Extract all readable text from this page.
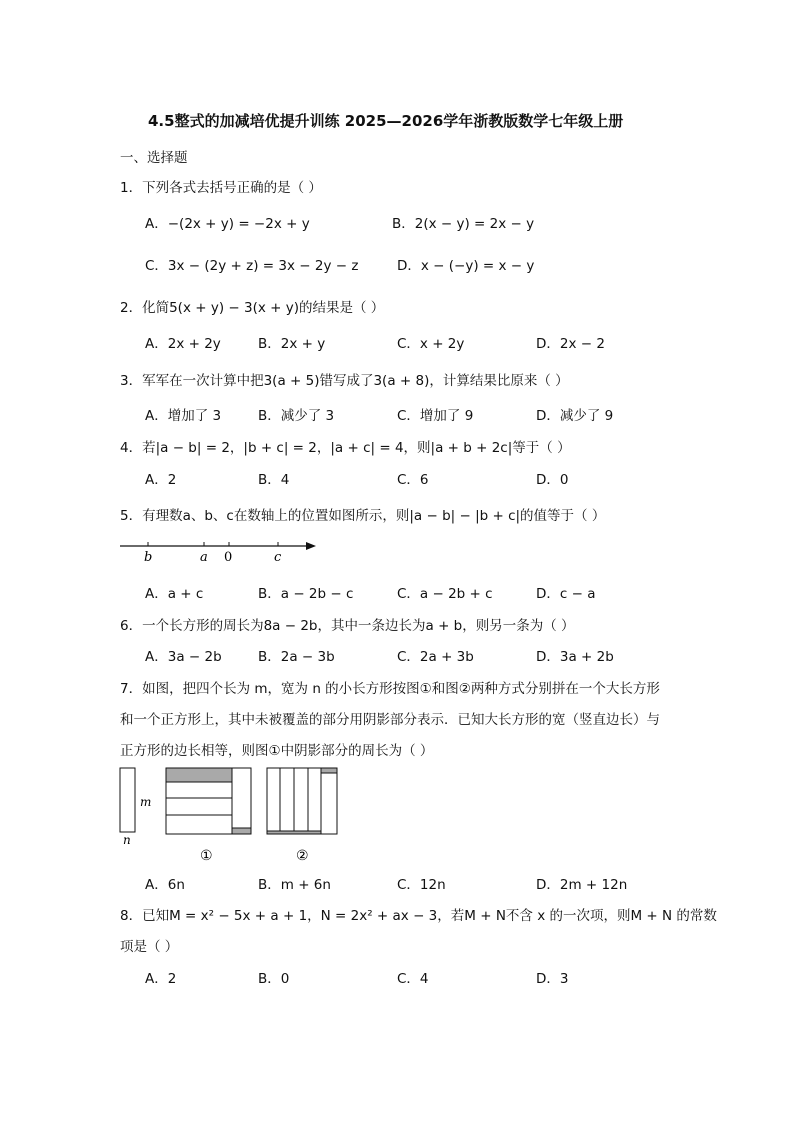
4.5整式的加减培优提升训练 2025—2026学年浙教版数学七年级上册
一、选择题
1．下列各式去括号正确的是（ ）
A．−(2x + y) = −2x + y	B．2(x − y) = 2x − y
C．3x − (2y + z) = 3x − 2y − z	D．x − (−y) = x − y
2．化简5(x + y) − 3(x + y)的结果是（ ）
A．2x + 2y	B．2x + y	C．x + 2y	D．2x − 2
3．军军在一次计算中把3(a + 5)错写成了3(a + 8)，计算结果比原来（ ）
A．增加了 3	B．减少了 3	C．增加了 9	D．减少了 9
4．若|a − b| = 2，|b + c| = 2，|a + c| = 4，则|a + b + 2c|等于（ ）
A．2	B．4	C．6	D．0
5．有理数a、b、c在数轴上的位置如图所示，则|a − b| − |b + c|的值等于（ ）
b	a 0	c
A．a + c	B．a − 2b − c	C．a − 2b + c	D．c − a
6．一个长方形的周长为8a − 2b，其中一条边长为a + b，则另一条为（ ）
A．3a − 2b	B．2a − 3b	C．2a + 3b	D．3a + 2b
7．如图，把四个长为 m，宽为 n 的小长方形按图①和图②两种方式分别拼在一个大长方形
和一个正方形上，其中未被覆盖的部分用阴影部分表示．已知大长方形的宽（竖直边长）与
正方形的边长相等，则图①中阴影部分的周长为（ ）
m
n
①	②
A．6n	B．m + 6n	C．12n	D．2m + 12n
8．已知M = x² − 5x + a + 1，N = 2x² + ax − 3，若M + N不含 x 的一次项，则M + N 的常数
项是（ ）
A．2	B．0	C．4	D．3
